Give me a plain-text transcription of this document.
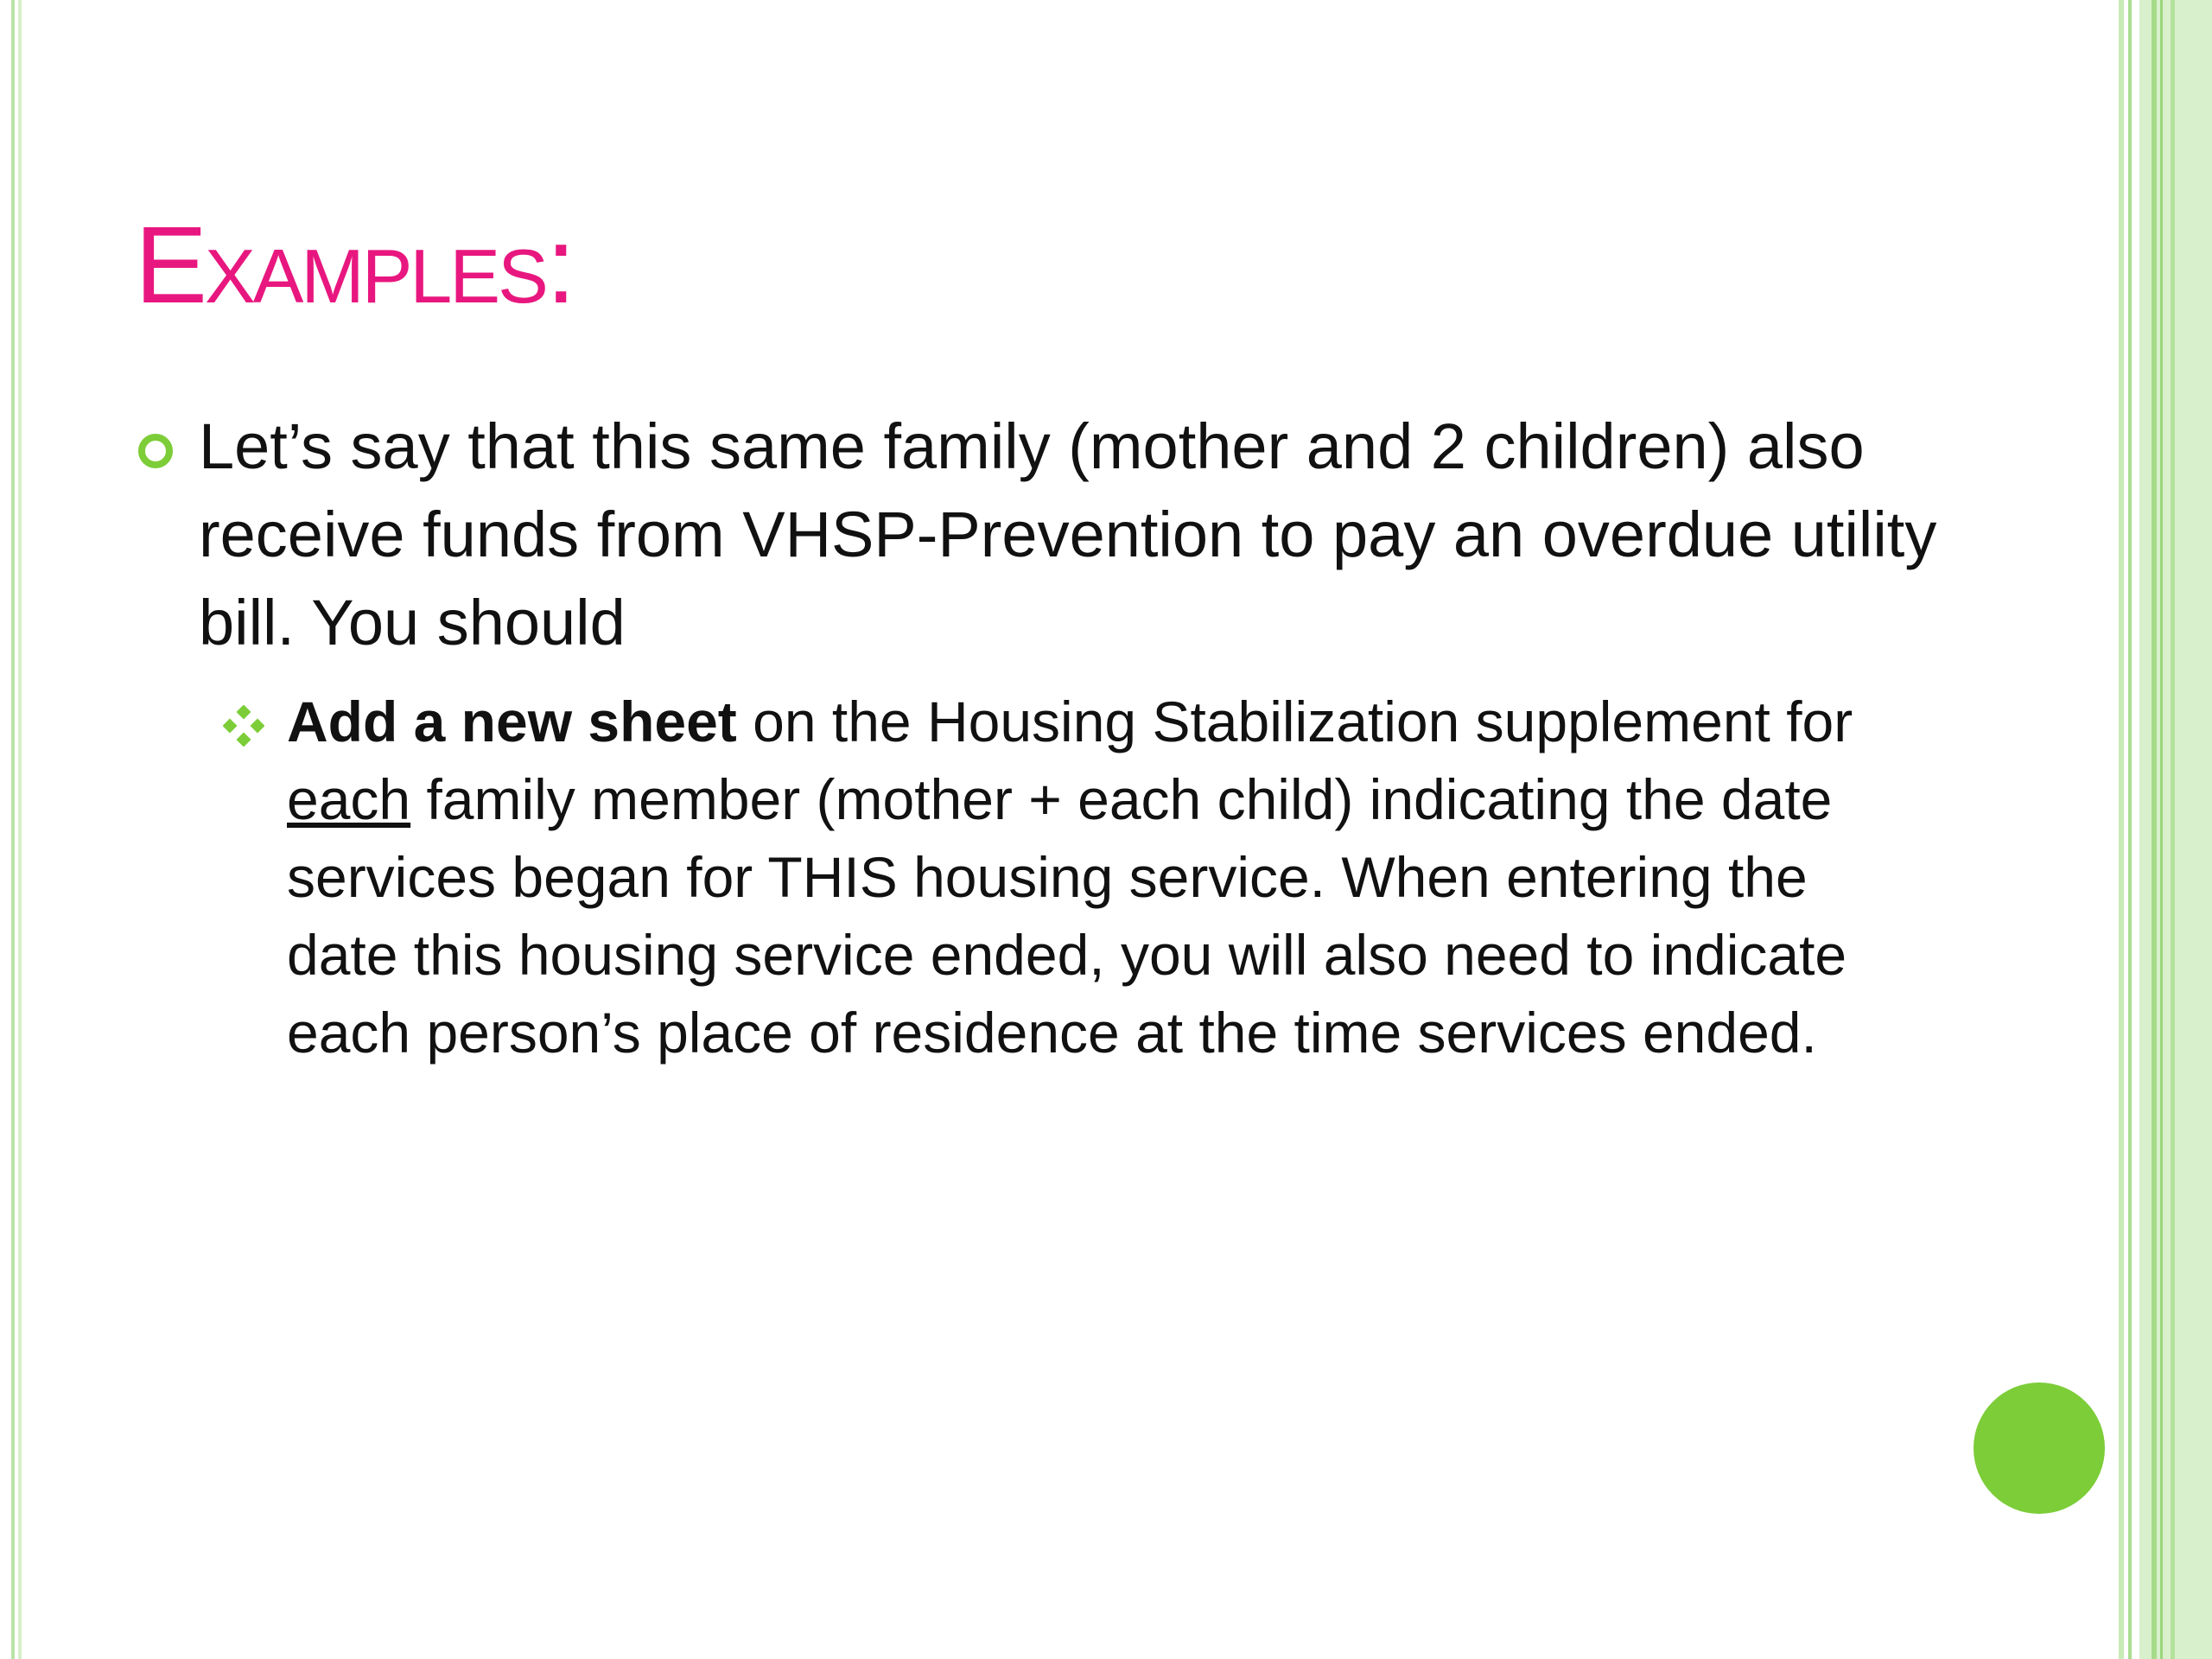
Examples:

Let’s say that this same family (mother and 2 children) also receive funds from VHSP-Prevention to pay an overdue utility bill. You should

Add a new sheet on the Housing Stabilization supplement for each family member (mother + each child) indicating the date services began for THIS housing service. When entering the date this housing service ended, you will also need to indicate each person’s place of residence at the time services ended.
